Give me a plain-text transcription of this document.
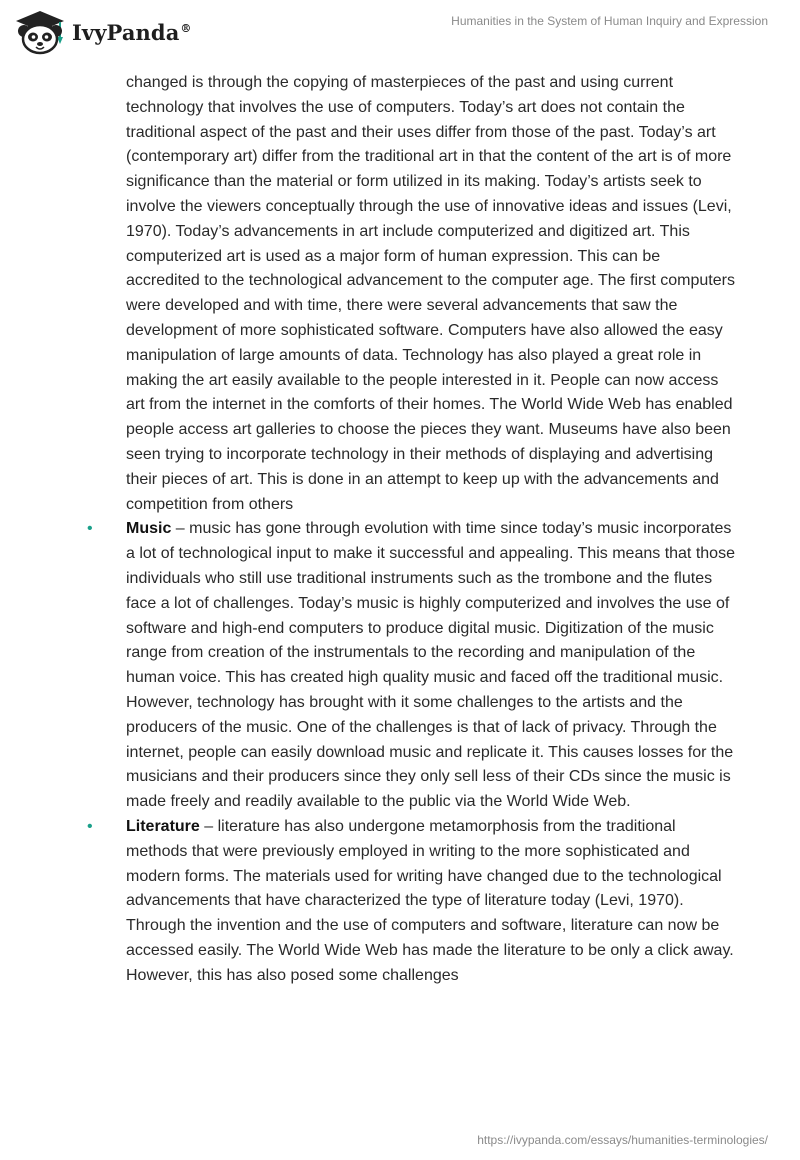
IvyPanda®	Humanities in the System of Human Inquiry and Expression

changed is through the copying of masterpieces of the past and using current technology that involves the use of computers. Today’s art does not contain the traditional aspect of the past and their uses differ from those of the past. Today’s art (contemporary art) differ from the traditional art in that the content of the art is of more significance than the material or form utilized in its making. Today’s artists seek to involve the viewers conceptually through the use of innovative ideas and issues (Levi, 1970). Today’s advancements in art include computerized and digitized art. This computerized art is used as a major form of human expression. This can be accredited to the technological advancement to the computer age. The first computers were developed and with time, there were several advancements that saw the development of more sophisticated software. Computers have also allowed the easy manipulation of large amounts of data. Technology has also played a great role in making the art easily available to the people interested in it. People can now access art from the internet in the comforts of their homes. The World Wide Web has enabled people access art galleries to choose the pieces they want. Museums have also been seen trying to incorporate technology in their methods of displaying and advertising their pieces of art. This is done in an attempt to keep up with the advancements and competition from others

• Music – music has gone through evolution with time since today’s music incorporates a lot of technological input to make it successful and appealing. This means that those individuals who still use traditional instruments such as the trombone and the flutes face a lot of challenges. Today’s music is highly computerized and involves the use of software and high-end computers to produce digital music. Digitization of the music range from creation of the instrumentals to the recording and manipulation of the human voice. This has created high quality music and faced off the traditional music. However, technology has brought with it some challenges to the artists and the producers of the music. One of the challenges is that of lack of privacy. Through the internet, people can easily download music and replicate it. This causes losses for the musicians and their producers since they only sell less of their CDs since the music is made freely and readily available to the public via the World Wide Web.
• Literature – literature has also undergone metamorphosis from the traditional methods that were previously employed in writing to the more sophisticated and modern forms. The materials used for writing have changed due to the technological advancements that have characterized the type of literature today (Levi, 1970). Through the invention and the use of computers and software, literature can now be accessed easily. The World Wide Web has made the literature to be only a click away. However, this has also posed some challenges
https://ivypanda.com/essays/humanities-terminologies/
